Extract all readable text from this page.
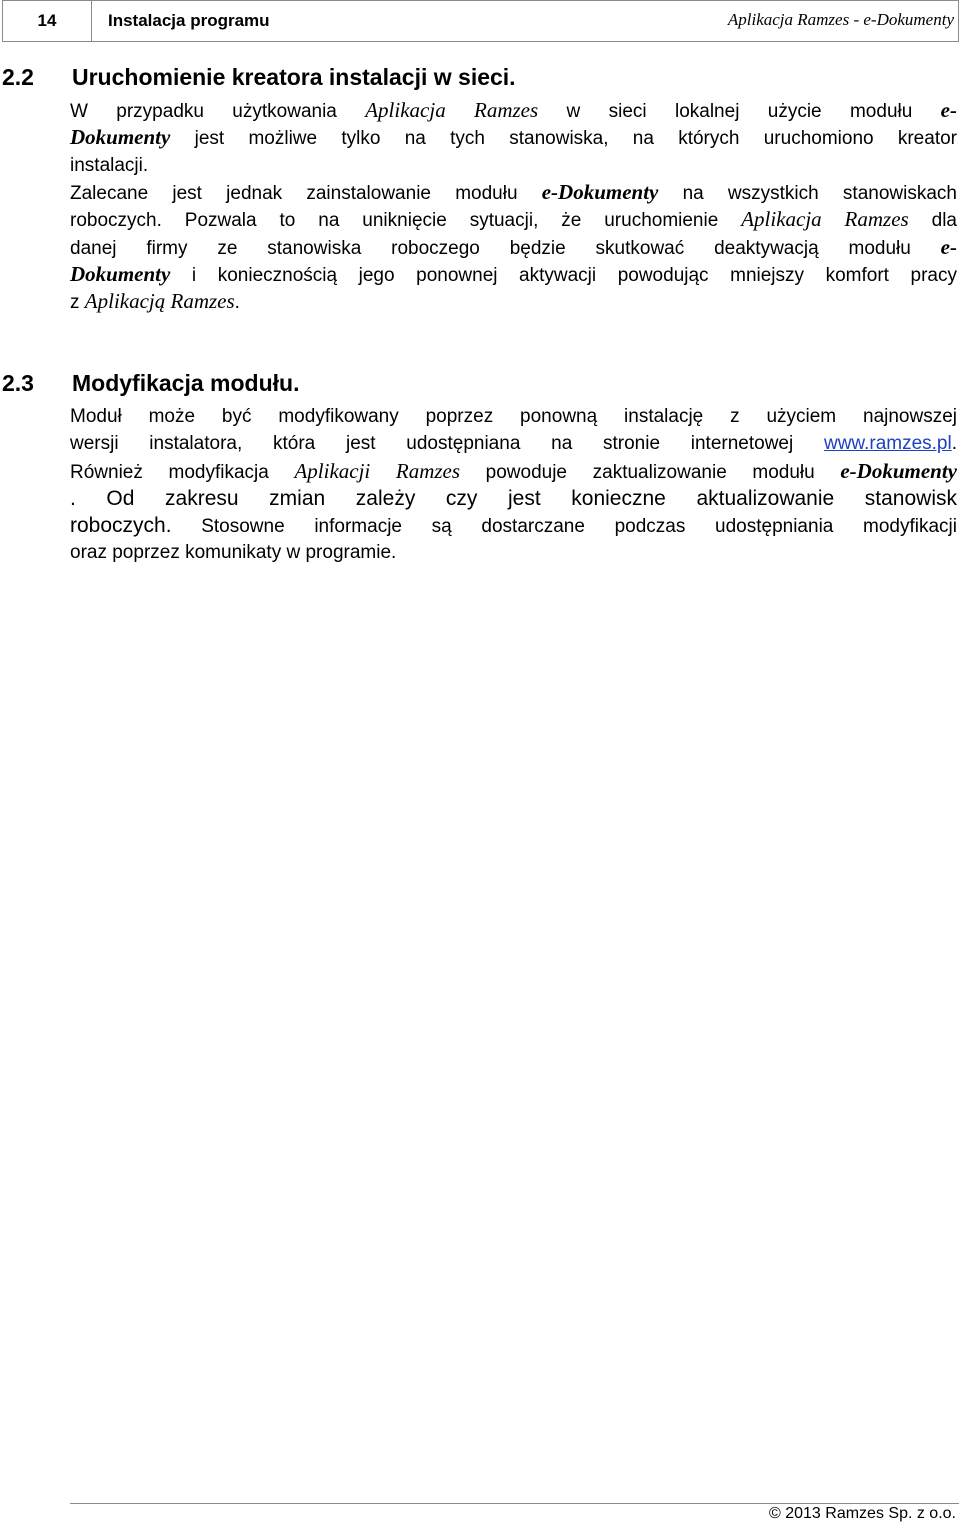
14	Instalacja programu	Aplikacja Ramzes - e-Dokumenty
2.2 Uruchomienie kreatora instalacji w sieci.
W przypadku użytkowania Aplikacja Ramzes w sieci lokalnej użycie modułu e-
Dokumenty jest możliwe tylko na tych stanowiska, na których uruchomiono kreator
instalacji.
Zalecane jest jednak zainstalowanie modułu e-Dokumenty na wszystkich stanowiskach
roboczych. Pozwala to na uniknięcie sytuacji, że uruchomienie Aplikacja Ramzes dla
danej firmy ze stanowiska roboczego będzie skutkować deaktywacją modułu e-
Dokumenty i koniecznością jego ponownej aktywacji powodując mniejszy komfort pracy
z Aplikacją Ramzes.
2.3 Modyfikacja modułu.
Moduł może być modyfikowany poprzez ponowną instalację z użyciem najnowszej
wersji instalatora, która jest udostępniana na stronie internetowej www.ramzes.pl.
Również modyfikacja Aplikacji Ramzes powoduje zaktualizowanie modułu e-Dokumenty
. Od zakresu zmian zależy czy jest konieczne aktualizowanie stanowisk
roboczych. Stosowne informacje są dostarczane podczas udostępniania modyfikacji
oraz poprzez komunikaty w programie.
© 2013 Ramzes Sp. z o.o.
